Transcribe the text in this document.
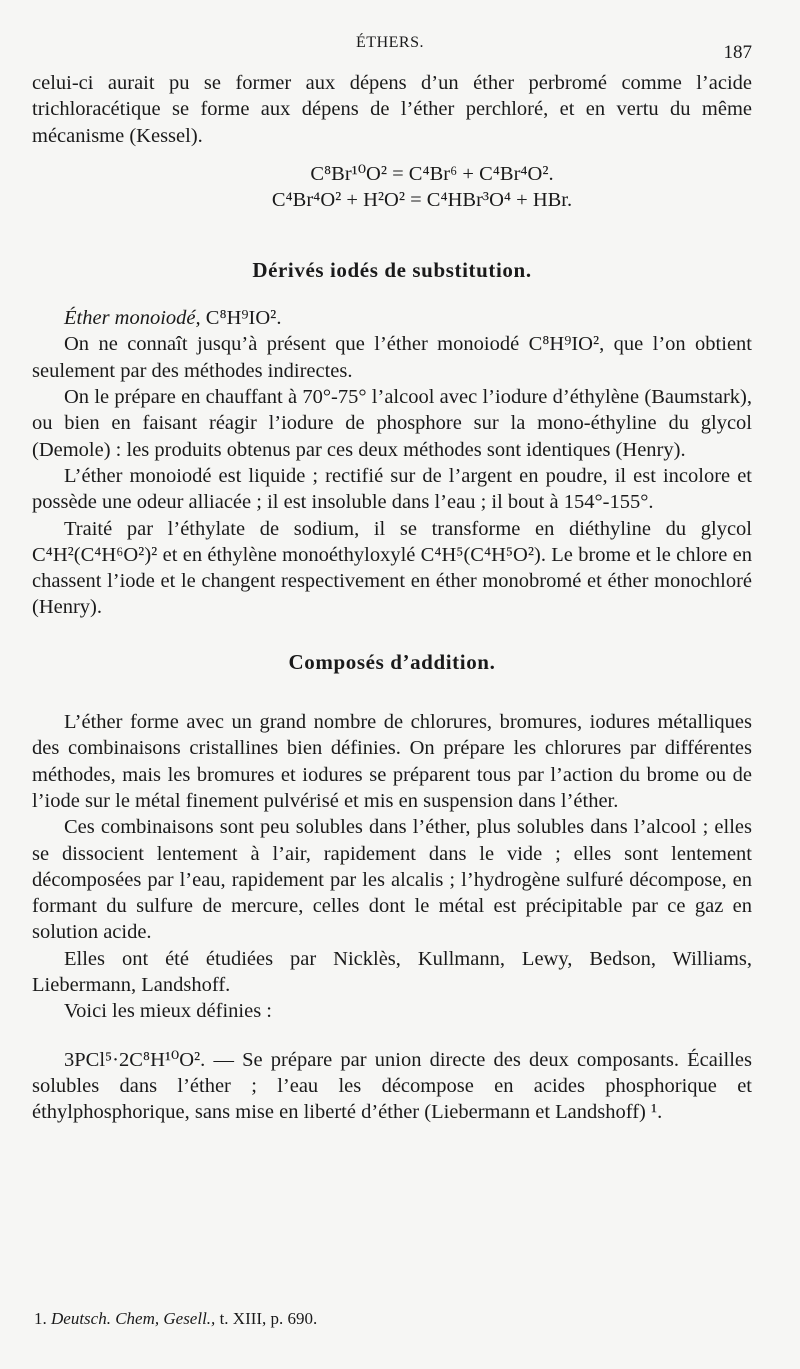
ÉTHERS.	187

celui-ci aurait pu se former aux dépens d’un éther perbromé comme l’acide trichloracétique se forme aux dépens de l’éther perchloré, et en vertu du même mécanisme (Kessel).

C⁸Br¹⁰O² = C⁴Br⁶ + C⁴Br⁴O².

C⁴Br⁴O² + H²O² = C⁴HBr³O⁴ + HBr.

Dérivés iodés de substitution.

Éther monoiodé, C⁸H⁹IO².

On ne connaît jusqu’à présent que l’éther monoiodé C⁸H⁹IO², que l’on obtient seulement par des méthodes indirectes.

On le prépare en chauffant à 70°-75° l’alcool avec l’iodure d’éthylène (Baumstark), ou bien en faisant réagir l’iodure de phosphore sur la mono-éthyline du glycol (Demole) : les produits obtenus par ces deux méthodes sont identiques (Henry).

L’éther monoiodé est liquide ; rectifié sur de l’argent en poudre, il est incolore et possède une odeur alliacée ; il est insoluble dans l’eau ; il bout à 154°-155°.

Traité par l’éthylate de sodium, il se transforme en diéthyline du glycol C⁴H²(C⁴H⁶O²)² et en éthylène monoéthyloxylé C⁴H⁵(C⁴H⁵O²). Le brome et le chlore en chassent l’iode et le changent respectivement en éther monobromé et éther monochloré (Henry).

Composés d’addition.

L’éther forme avec un grand nombre de chlorures, bromures, iodures métalliques des combinaisons cristallines bien définies. On prépare les chlorures par différentes méthodes, mais les bromures et iodures se préparent tous par l’action du brome ou de l’iode sur le métal finement pulvérisé et mis en suspension dans l’éther.

Ces combinaisons sont peu solubles dans l’éther, plus solubles dans l’alcool ; elles se dissocient lentement à l’air, rapidement dans le vide ; elles sont lentement décomposées par l’eau, rapidement par les alcalis ; l’hydrogène sulfuré décompose, en formant du sulfure de mercure, celles dont le métal est précipitable par ce gaz en solution acide.

Elles ont été étudiées par Nicklès, Kullmann, Lewy, Bedson, Williams, Liebermann, Landshoff.

Voici les mieux définies :

3PCl⁵·2C⁸H¹⁰O². — Se prépare par union directe des deux composants. Écailles solubles dans l’éther ; l’eau les décompose en acides phosphorique et éthylphosphorique, sans mise en liberté d’éther (Liebermann et Landshoff) ¹.

1. Deutsch. Chem, Gesell., t. XIII, p. 690.
